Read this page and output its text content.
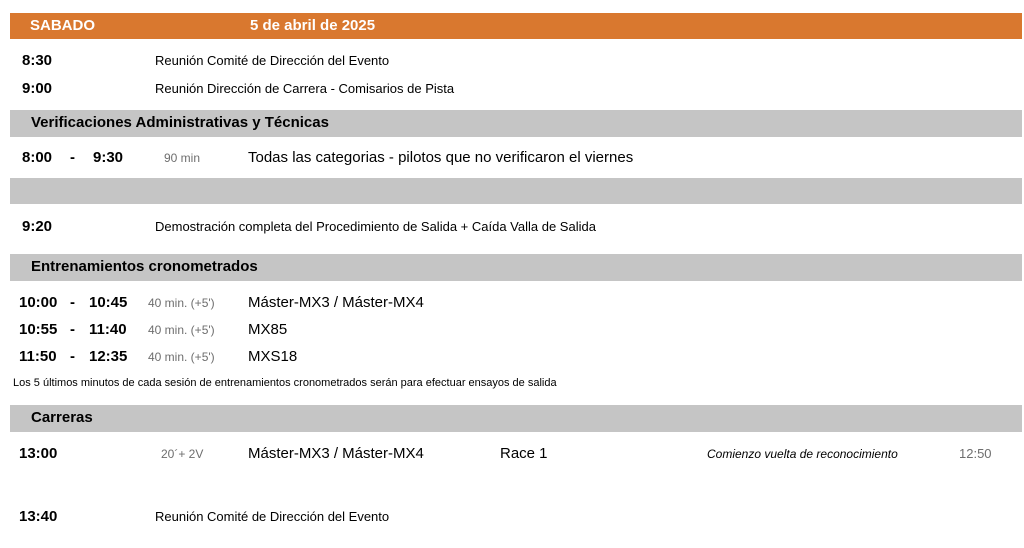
SABADO	5 de abril de 2025
8:30	Reunión Comité de Dirección del Evento
9:00	Reunión Dirección de Carrera - Comisarios de Pista
Verificaciones Administrativas y Técnicas
8:00 - 9:30	90 min	Todas las categorias - pilotos que no verificaron el viernes
9:20	Demostración completa del Procedimiento de Salida + Caída Valla de Salida
Entrenamientos cronometrados
10:00 - 10:45 40 min. (+5') Máster-MX3 / Máster-MX4
10:55 - 11:40 40 min. (+5') MX85
11:50 - 12:35 40 min. (+5') MXS18
Los 5 últimos minutos de cada sesión de entrenamientos cronometrados serán para efectuar ensayos de salida
Carreras
13:00	20´+ 2V	Máster-MX3 / Máster-MX4	Race 1	Comienzo vuelta de reconocimiento	12:50
13:40	Reunión Comité de Dirección del Evento
